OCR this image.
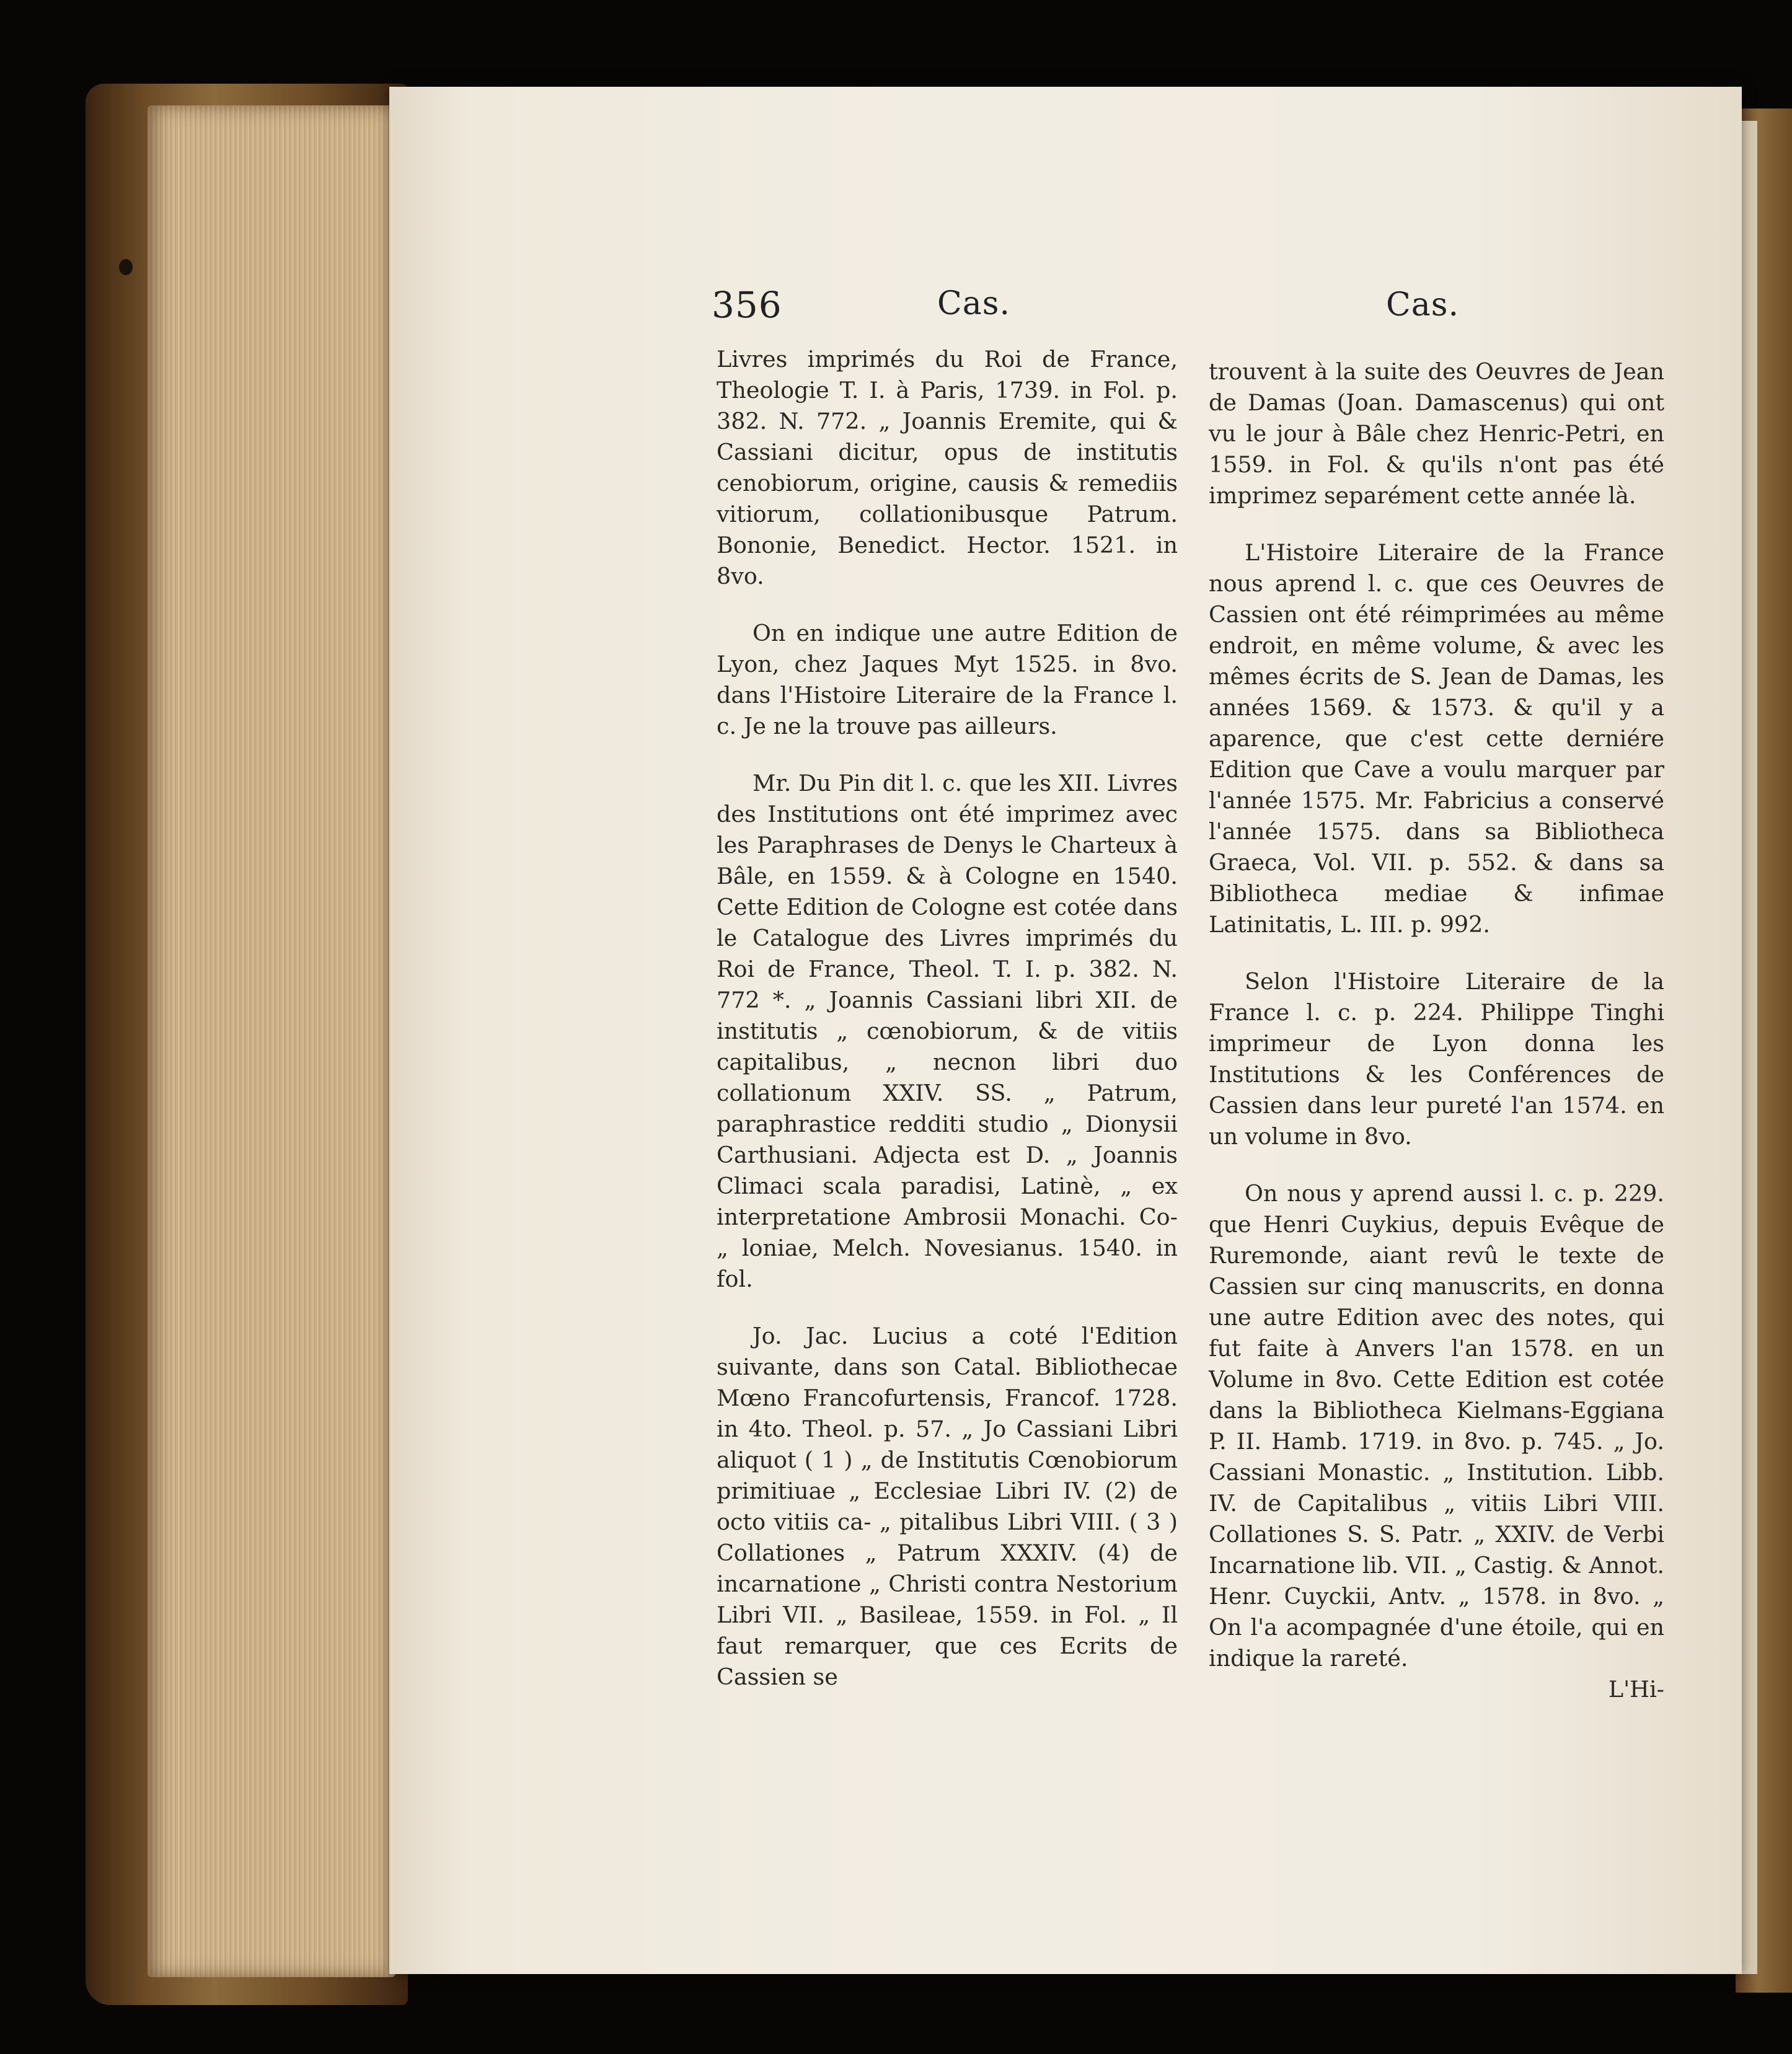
356	Cas.	Cas.

Livres imprimés du Roi de France, Theologie T. I. à Paris, 1739. in Fol. p. 382. N. 772. „ Joannis Eremite, qui & Cassiani dicitur, opus de institutis cenobiorum, origine, causis & remediis vitiorum, collationibusque Patrum. Bononie, Benedict. Hector. 1521. in 8vo.

On en indique une autre Edition de Lyon, chez Jaques Myt 1525. in 8vo. dans l'Histoire Literaire de la France l. c. Je ne la trouve pas ailleurs.

Mr. Du Pin dit l. c. que les XII. Livres des Institutions ont été imprimez avec les Paraphrases de Denys le Charteux à Bâle, en 1559. & à Cologne en 1540. Cette Edition de Cologne est cotée dans le Catalogue des Livres imprimés du Roi de France, Theol. T. I. p. 382. N. 772 *. „ Joannis Cassiani libri XII. de institutis „ cœnobiorum, & de vitiis capitalibus, „ necnon libri duo collationum XXIV. SS. „ Patrum, paraphrastice redditi studio „ Dionysii Carthusiani. Adjecta est D. „ Joannis Climaci scala paradisi, Latinè, „ ex interpretatione Ambrosii Monachi. Co- „ loniae, Melch. Novesianus. 1540. in fol.

Jo. Jac. Lucius a coté l'Edition suivante, dans son Catal. Bibliothecae Mœno Francofurtensis, Francof. 1728. in 4to. Theol. p. 57. „ Jo Cassiani Libri aliquot ( 1 ) „ de Institutis Cœnobiorum primitiuae „ Ecclesiae Libri IV. (2) de octo vitiis ca- „ pitalibus Libri VIII. ( 3 ) Collationes „ Patrum XXXIV. (4) de incarnatione „ Christi contra Nestorium Libri VII. „ Basileae, 1559. in Fol. „ Il faut remarquer, que ces Ecrits de Cassien se

trouvent à la suite des Oeuvres de Jean de Damas (Joan. Damascenus) qui ont vu le jour à Bâle chez Henric-Petri, en 1559. in Fol. & qu'ils n'ont pas été imprimez separément cette année là.

L'Histoire Literaire de la France nous aprend l. c. que ces Oeuvres de Cassien ont été réimprimées au même endroit, en même volume, & avec les mêmes écrits de S. Jean de Damas, les années 1569. & 1573. & qu'il y a aparence, que c'est cette derniére Edition que Cave a voulu marquer par l'année 1575. Mr. Fabricius a conservé l'année 1575. dans sa Bibliotheca Graeca, Vol. VII. p. 552. & dans sa Bibliotheca mediae & infimae Latinitatis, L. III. p. 992.

Selon l'Histoire Literaire de la France l. c. p. 224. Philippe Tinghi imprimeur de Lyon donna les Institutions & les Conférences de Cassien dans leur pureté l'an 1574. en un volume in 8vo.

On nous y aprend aussi l. c. p. 229. que Henri Cuykius, depuis Evêque de Ruremonde, aiant revû le texte de Cassien sur cinq manuscrits, en donna une autre Edition avec des notes, qui fut faite à Anvers l'an 1578. en un Volume in 8vo. Cette Edition est cotée dans la Bibliotheca Kielmans-Eggiana P. II. Hamb. 1719. in 8vo. p. 745. „ Jo. Cassiani Monastic. „ Institution. Libb. IV. de Capitalibus „ vitiis Libri VIII. Collationes S. S. Patr. „ XXIV. de Verbi Incarnatione lib. VII. „ Castig. & Annot. Henr. Cuyckii, Antv. „ 1578. in 8vo. „ On l'a acompagnée d'une étoile, qui en indique la rareté.

L'Hi-
